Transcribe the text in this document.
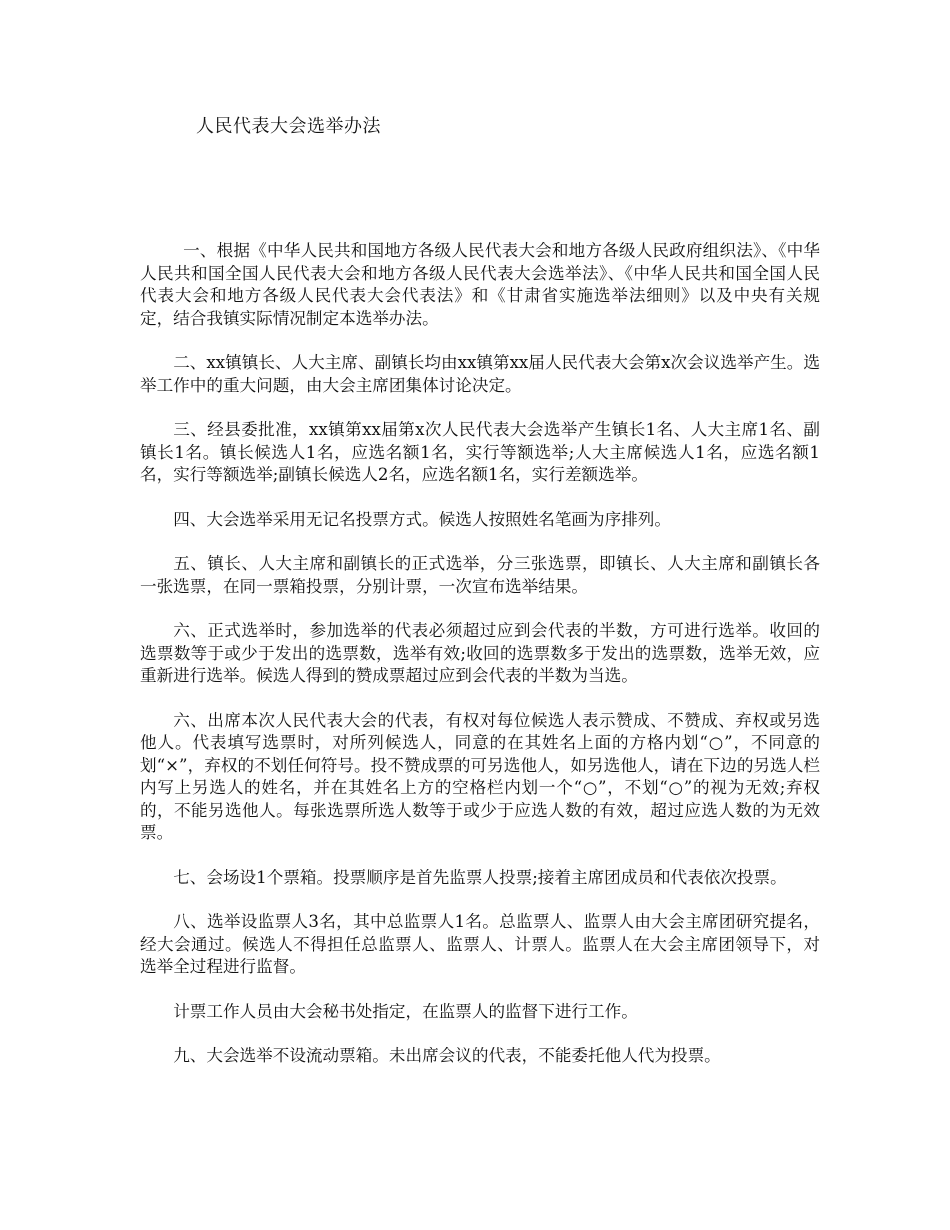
人民代表大会选举办法

一、根据《中华人民共和国地方各级人民代表大会和地方各级人民政府组织法》、《中华人民共和国全国人民代表大会和地方各级人民代表大会选举法》、《中华人民共和国全国人民代表大会和地方各级人民代表大会代表法》和《甘肃省实施选举法细则》以及中央有关规定，结合我镇实际情况制定本选举办法。

二、xx镇镇长、人大主席、副镇长均由xx镇第xx届人民代表大会第x次会议选举产生。选举工作中的重大问题，由大会主席团集体讨论决定。

三、经县委批准，xx镇第xx届第x次人民代表大会选举产生镇长1名、人大主席1名、副镇长1名。镇长候选人1名，应选名额1名，实行等额选举;人大主席候选人1名，应选名额1名，实行等额选举;副镇长候选人2名，应选名额1名，实行差额选举。

四、大会选举采用无记名投票方式。候选人按照姓名笔画为序排列。

五、镇长、人大主席和副镇长的正式选举，分三张选票，即镇长、人大主席和副镇长各一张选票，在同一票箱投票，分别计票，一次宣布选举结果。

六、正式选举时，参加选举的代表必须超过应到会代表的半数，方可进行选举。收回的选票数等于或少于发出的选票数，选举有效;收回的选票数多于发出的选票数，选举无效，应重新进行选举。候选人得到的赞成票超过应到会代表的半数为当选。

六、出席本次人民代表大会的代表，有权对每位候选人表示赞成、不赞成、弃权或另选他人。代表填写选票时，对所列候选人，同意的在其姓名上面的方格内划“○”，不同意的划“×”，弃权的不划任何符号。投不赞成票的可另选他人，如另选他人，请在下边的另选人栏内写上另选人的姓名，并在其姓名上方的空格栏内划一个“○”，不划“○”的视为无效;弃权的，不能另选他人。每张选票所选人数等于或少于应选人数的有效，超过应选人数的为无效票。

七、会场设1个票箱。投票顺序是首先监票人投票;接着主席团成员和代表依次投票。

八、选举设监票人3名，其中总监票人1名。总监票人、监票人由大会主席团研究提名，经大会通过。候选人不得担任总监票人、监票人、计票人。监票人在大会主席团领导下，对选举全过程进行监督。

计票工作人员由大会秘书处指定，在监票人的监督下进行工作。

九、大会选举不设流动票箱。未出席会议的代表，不能委托他人代为投票。
